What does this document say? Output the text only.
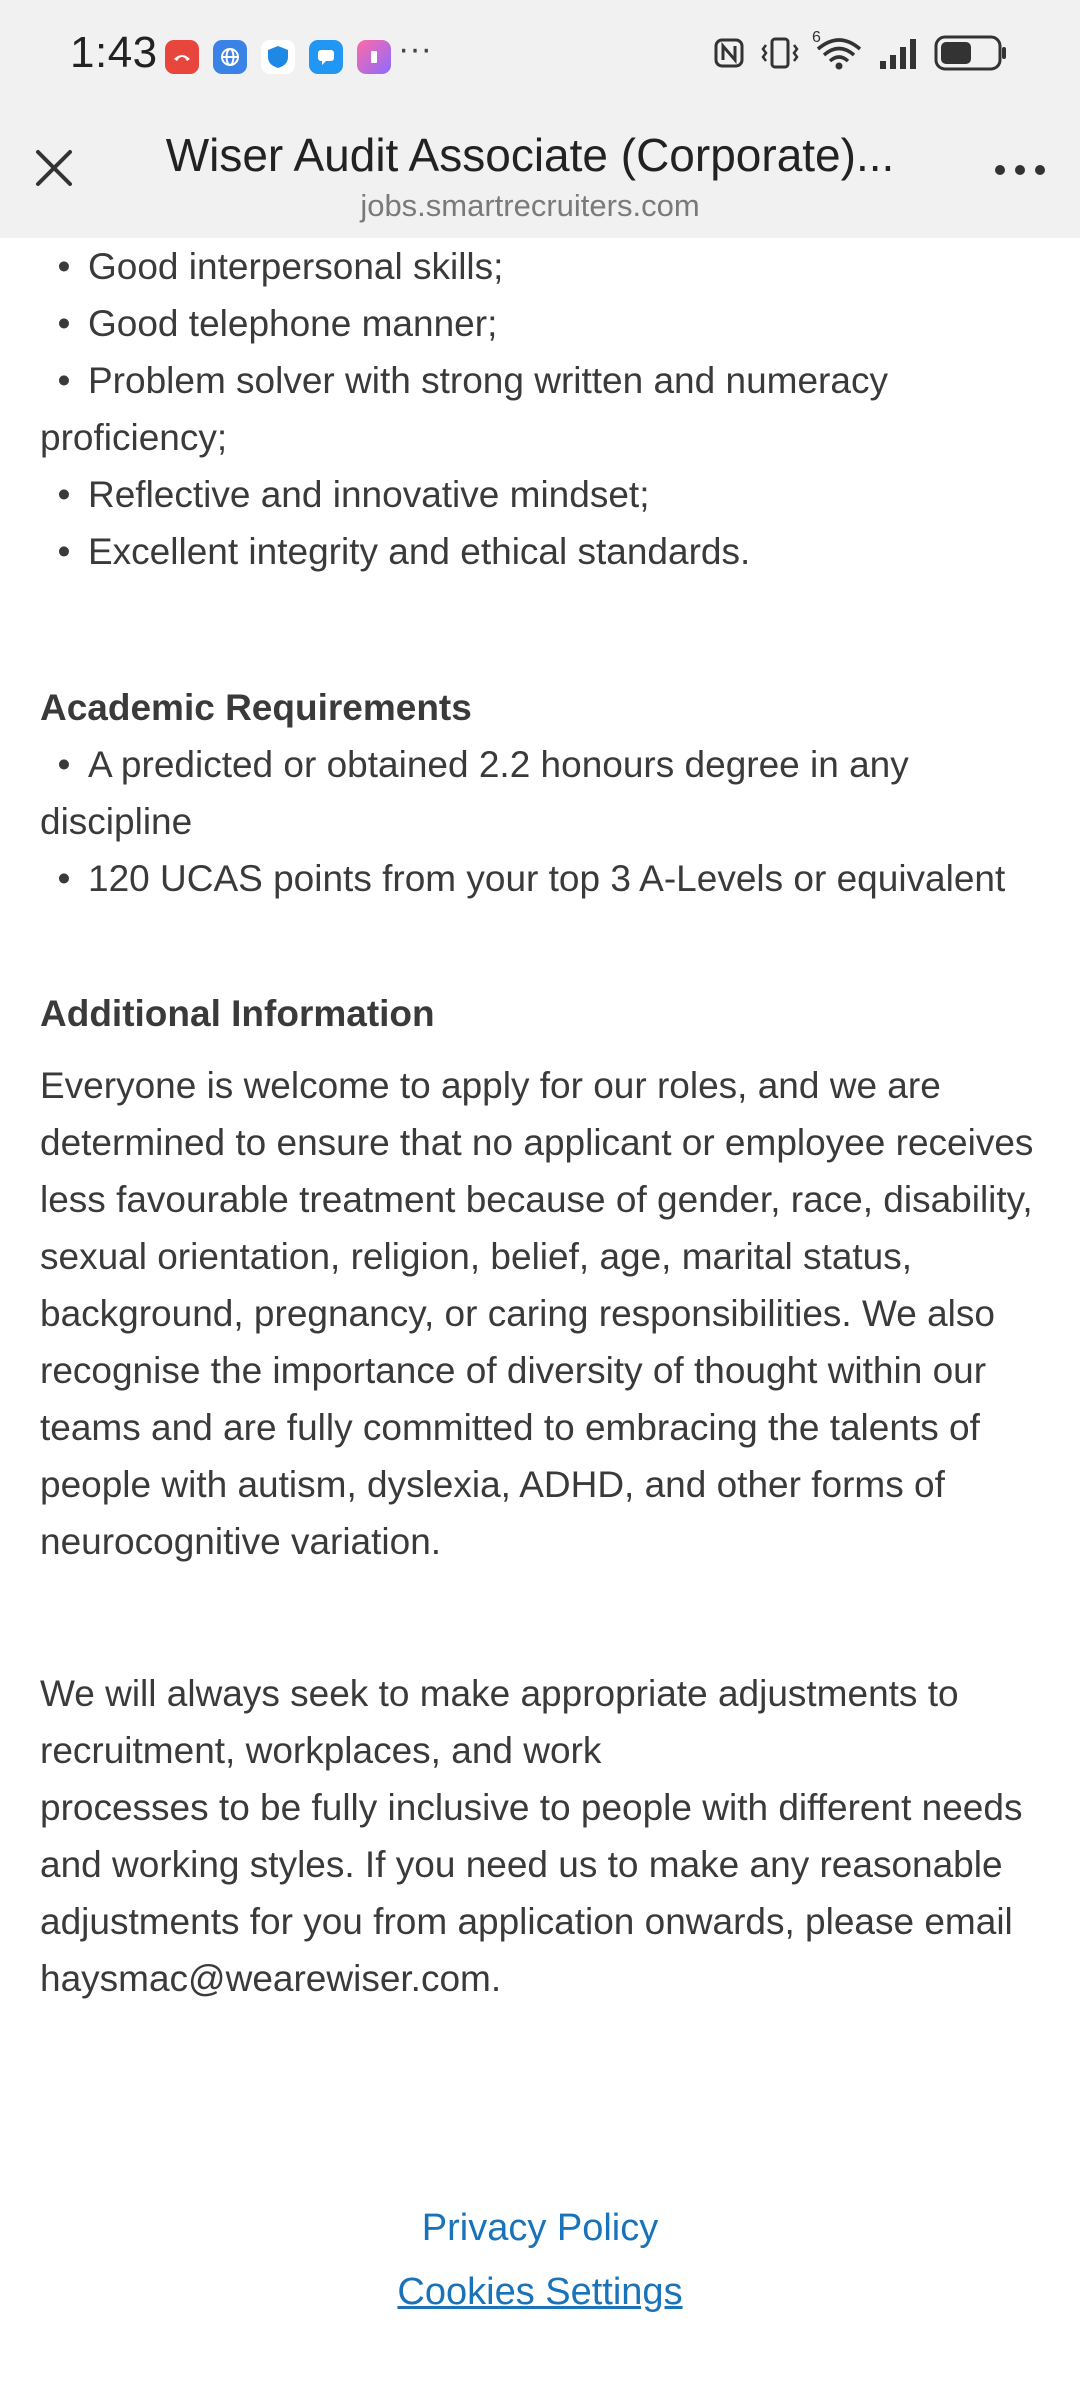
1:43	···	6
Wiser Audit Associate (Corporate)...
jobs.smartrecruiters.com

• Good interpersonal skills;

• Good telephone manner;

• Problem solver with strong written and numeracy proficiency;

• Reflective and innovative mindset;

• Excellent integrity and ethical standards.

Academic Requirements

• A predicted or obtained 2.2 honours degree in any discipline

• 120 UCAS points from your top 3 A-Levels or equivalent

Additional Information

Everyone is welcome to apply for our roles, and we are determined to ensure that no applicant or employee receives less favourable treatment because of gender, race, disability, sexual orientation, religion, belief, age, marital status, background, pregnancy, or caring responsibilities. We also recognise the importance of diversity of thought within our teams and are fully committed to embracing the talents of people with autism, dyslexia, ADHD, and other forms of neurocognitive variation.

We will always seek to make appropriate adjustments to recruitment, workplaces, and work

processes to be fully inclusive to people with different needs and working styles. If you need us to make any reasonable adjustments for you from application onwards, please email haysmac@wearewiser.com.

Privacy Policy
Cookies Settings
